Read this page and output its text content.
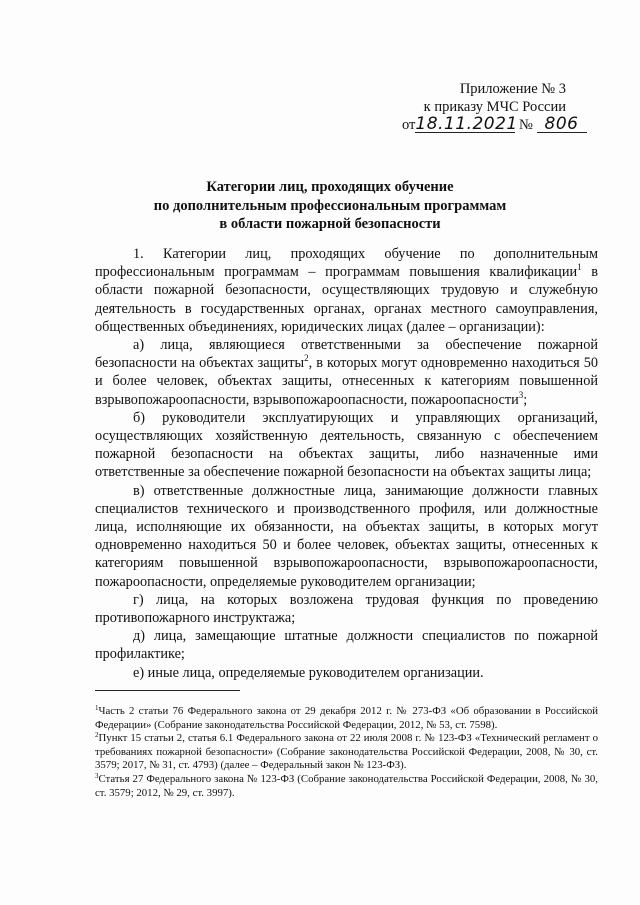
Приложение № 3
к приказу МЧС России
от18.11.2021 № 806
Категории лиц, проходящих обучение
по дополнительным профессиональным программам
в области пожарной безопасности

1. Категории лиц, проходящих обучение по дополнительным профессиональным программам – программам повышения квалификации$^1$ в области пожарной безопасности, осуществляющих трудовую и служебную деятельность в государственных органах, органах местного самоуправления, общественных объединениях, юридических лицах (далее – организации):

а) лица, являющиеся ответственными за обеспечение пожарной безопасности на объектах защиты$^2$, в которых могут одновременно находиться 50 и более человек, объектах защиты, отнесенных к категориям повышенной взрывопожароопасности, взрывопожароопасности, пожароопасности$^3$;

б) руководители эксплуатирующих и управляющих организаций, осуществляющих хозяйственную деятельность, связанную с обеспечением пожарной безопасности на объектах защиты, либо назначенные ими ответственные за обеспечение пожарной безопасности на объектах защиты лица;

в) ответственные должностные лица, занимающие должности главных специалистов технического и производственного профиля, или должностные лица, исполняющие их обязанности, на объектах защиты, в которых могут одновременно находиться 50 и более человек, объектах защиты, отнесенных к категориям повышенной взрывопожароопасности, взрывопожароопасности, пожароопасности, определяемые руководителем организации;

г) лица, на которых возложена трудовая функция по проведению противопожарного инструктажа;

д) лица, замещающие штатные должности специалистов по пожарной профилактике;

е) иные лица, определяемые руководителем организации.

$^1$Часть 2 статьи 76 Федерального закона от 29 декабря 2012 г. № 273-ФЗ «Об образовании в Российской Федерации» (Собрание законодательства Российской Федерации, 2012, № 53, ст. 7598).

$^2$Пункт 15 статьи 2, статья 6.1 Федерального закона от 22 июля 2008 г. № 123-ФЗ «Технический регламент о требованиях пожарной безопасности» (Собрание законодательства Российской Федерации, 2008, № 30, ст. 3579; 2017, № 31, ст. 4793) (далее – Федеральный закон № 123-ФЗ).

$^3$Статья 27 Федерального закона № 123-ФЗ (Собрание законодательства Российской Федерации, 2008, № 30, ст. 3579; 2012, № 29, ст. 3997).
